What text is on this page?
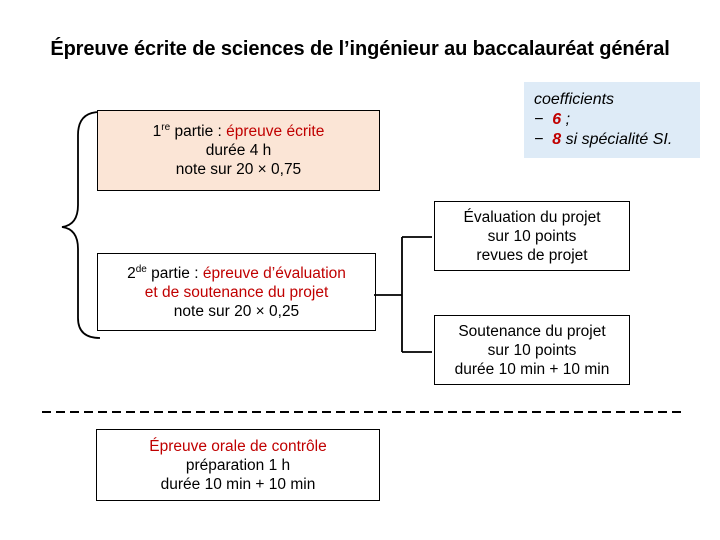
Épreuve écrite de sciences de l’ingénieur au baccalauréat général
1re partie : épreuve écrite
durée 4 h
note sur 20 × 0,75
coefficients
− 6 ;
− 8 si spécialité SI.
2de partie : épreuve d’évaluation
et de soutenance du projet
note sur 20 × 0,25
Évaluation du projet
sur 10 points
revues de projet
Soutenance du projet
sur 10 points
durée 10 min + 10 min
Épreuve orale de contrôle
préparation 1 h
durée 10 min + 10 min
